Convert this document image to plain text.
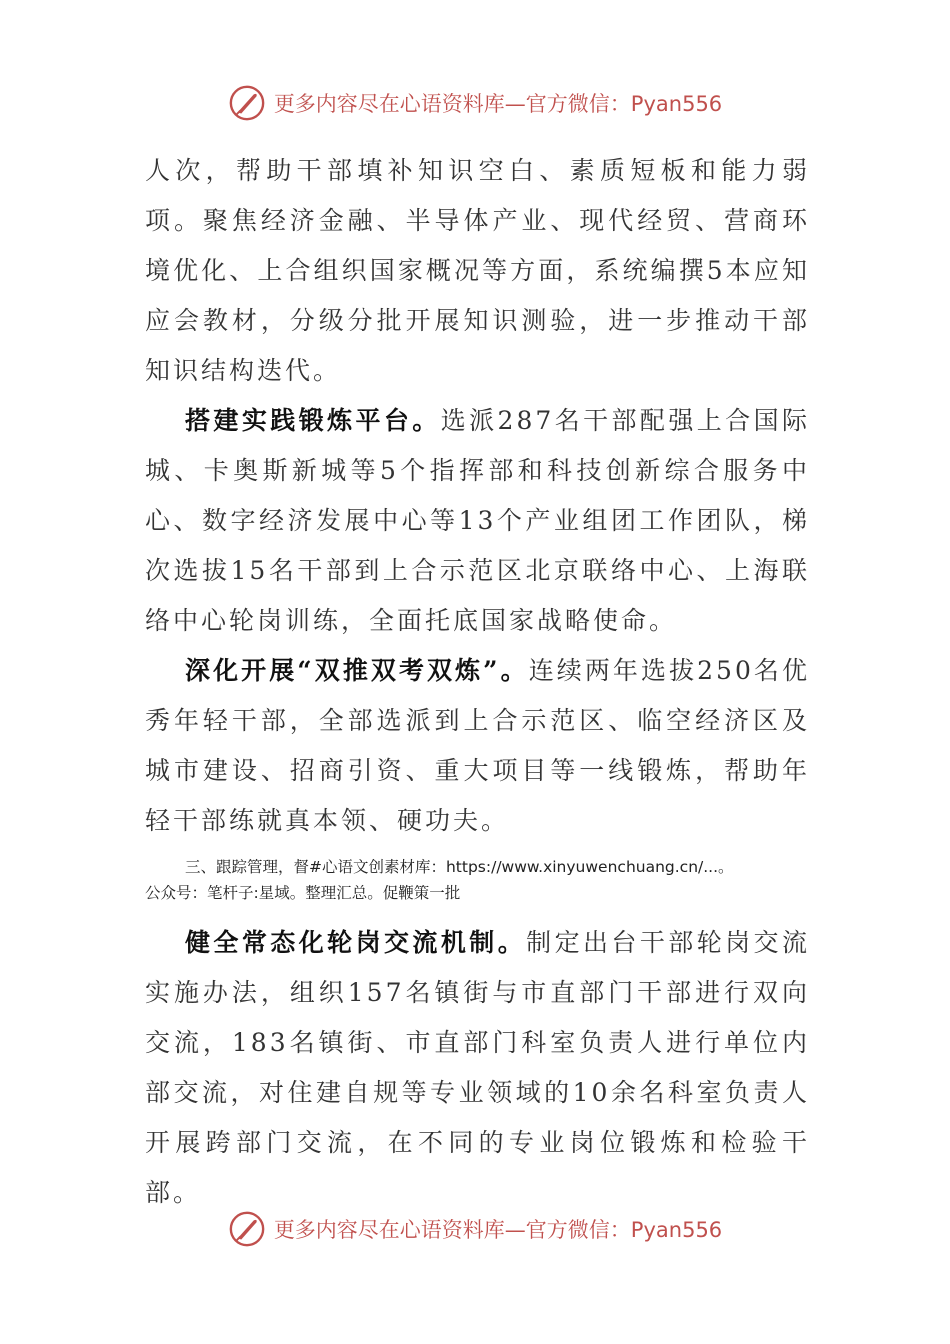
更多内容尽在心语资料库—官方微信：Pyan556

人次，帮助干部填补知识空白、素质短板和能力弱项。聚焦经济金融、半导体产业、现代经贸、营商环境优化、上合组织国家概况等方面，系统编撰5本应知应会教材，分级分批开展知识测验，进一步推动干部知识结构迭代。

搭建实践锻炼平台。选派287名干部配强上合国际城、卡奥斯新城等5个指挥部和科技创新综合服务中心、数字经济发展中心等13个产业组团工作团队，梯次选拔15名干部到上合示范区北京联络中心、上海联络中心轮岗训练，全面托底国家战略使命。

深化开展“双推双考双炼”。连续两年选拔250名优秀年轻干部，全部选派到上合示范区、临空经济区及城市建设、招商引资、重大项目等一线锻炼，帮助年轻干部练就真本领、硬功夫。

三、跟踪管理，督#心语文创素材库：https://www.xinyuwenchuang.cn/...。
公众号：笔杆子:星域。整理汇总。促鞭策一批

健全常态化轮岗交流机制。制定出台干部轮岗交流实施办法，组织157名镇街与市直部门干部进行双向交流，183名镇街、市直部门科室负责人进行单位内部交流，对住建自规等专业领域的10余名科室负责人开展跨部门交流，在不同的专业岗位锻炼和检验干部。

更多内容尽在心语资料库—官方微信：Pyan556
